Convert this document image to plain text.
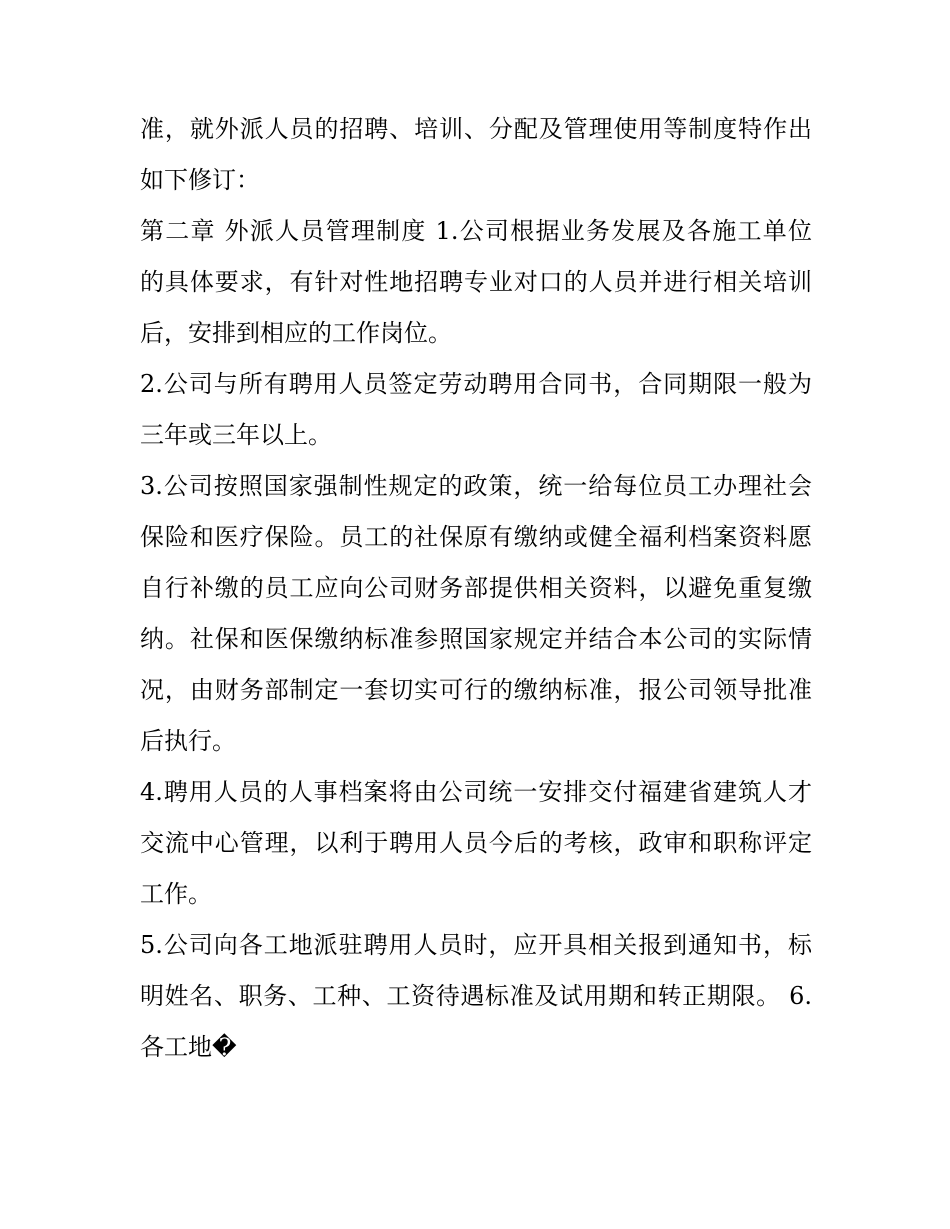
准，就外派人员的招聘、培训、分配及管理使用等制度特作出
如下修订：
第二章 外派人员管理制度 1.公司根据业务发展及各施工单位
的具体要求，有针对性地招聘专业对口的人员并进行相关培训
后，安排到相应的工作岗位。
2.公司与所有聘用人员签定劳动聘用合同书，合同期限一般为
三年或三年以上。
3.公司按照国家强制性规定的政策，统一给每位员工办理社会
保险和医疗保险。员工的社保原有缴纳或健全福利档案资料愿
自行补缴的员工应向公司财务部提供相关资料，以避免重复缴
纳。社保和医保缴纳标准参照国家规定并结合本公司的实际情
况，由财务部制定一套切实可行的缴纳标准，报公司领导批准
后执行。
4.聘用人员的人事档案将由公司统一安排交付福建省建筑人才
交流中心管理，以利于聘用人员今后的考核，政审和职称评定
工作。
5.公司向各工地派驻聘用人员时，应开具相关报到通知书，标
明姓名、职务、工种、工资待遇标准及试用期和转正期限。 6.
各工地�
